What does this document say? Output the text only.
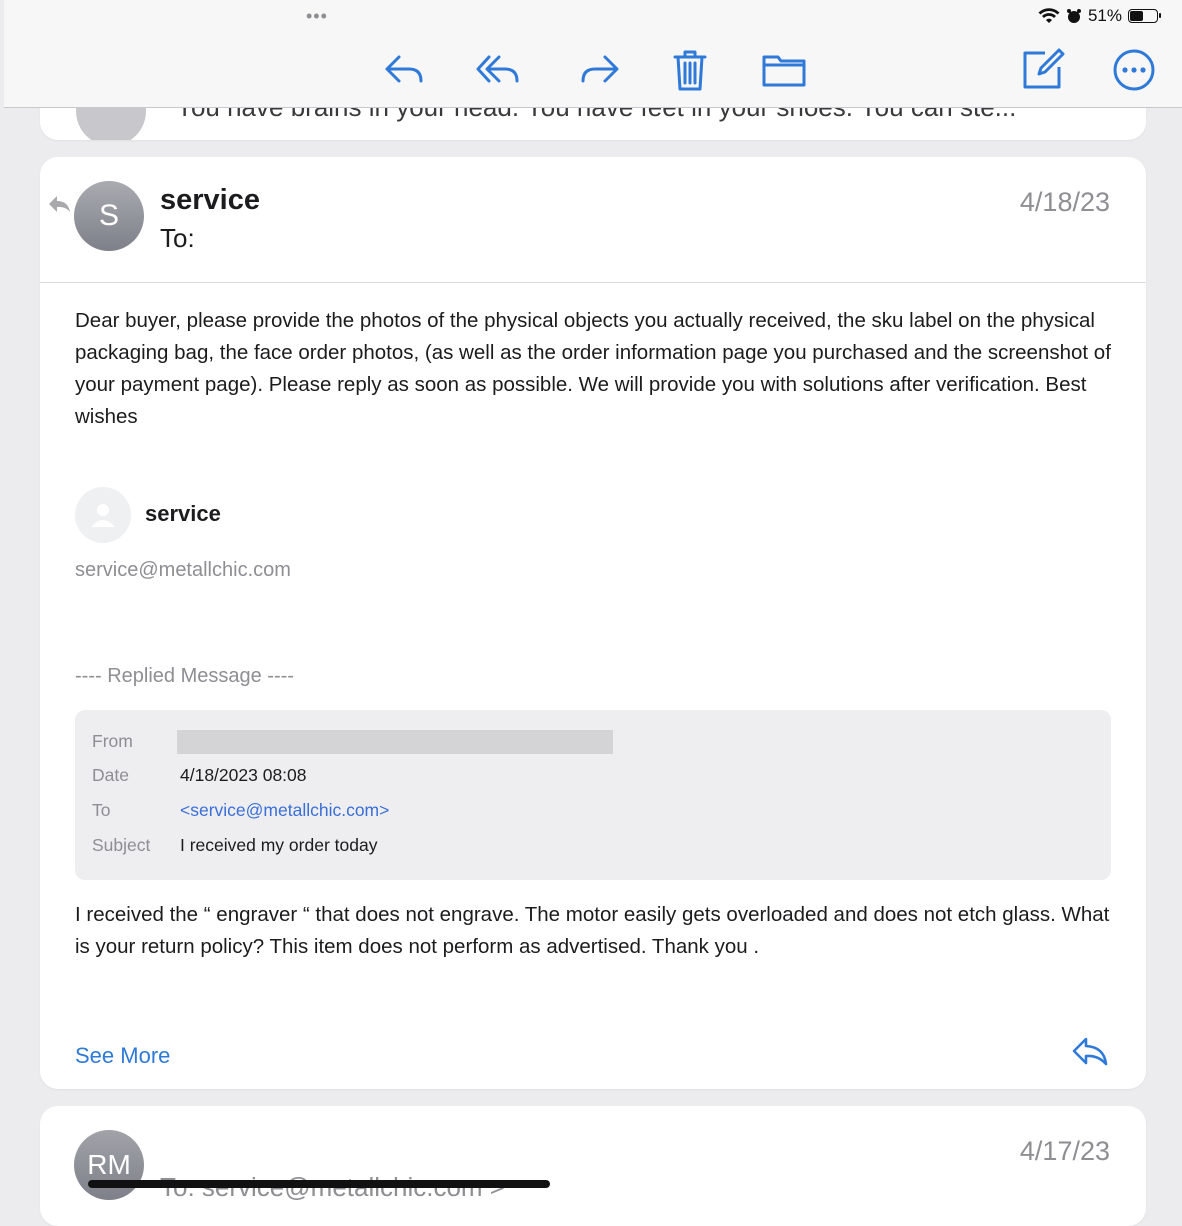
•••	51%
S	service
To:
4/18/23
Dear buyer, please provide the photos of the physical objects you actually received, the sku label on the physical packaging bag, the face order photos, (as well as the order information page you purchased and the screenshot of your payment page). Please reply as soon as possible. We will provide you with solutions after verification. Best wishes
service
service@metallchic.com
---- Replied Message ----
From
Date	4/18/2023 08:08
To	<service@metallchic.com>
Subject I received my order today
I received the “ engraver “ that does not engrave. The motor easily gets overloaded and does not etch glass. What is your return policy? This item does not perform as advertised. Thank you .
See More
RM	4/17/23
